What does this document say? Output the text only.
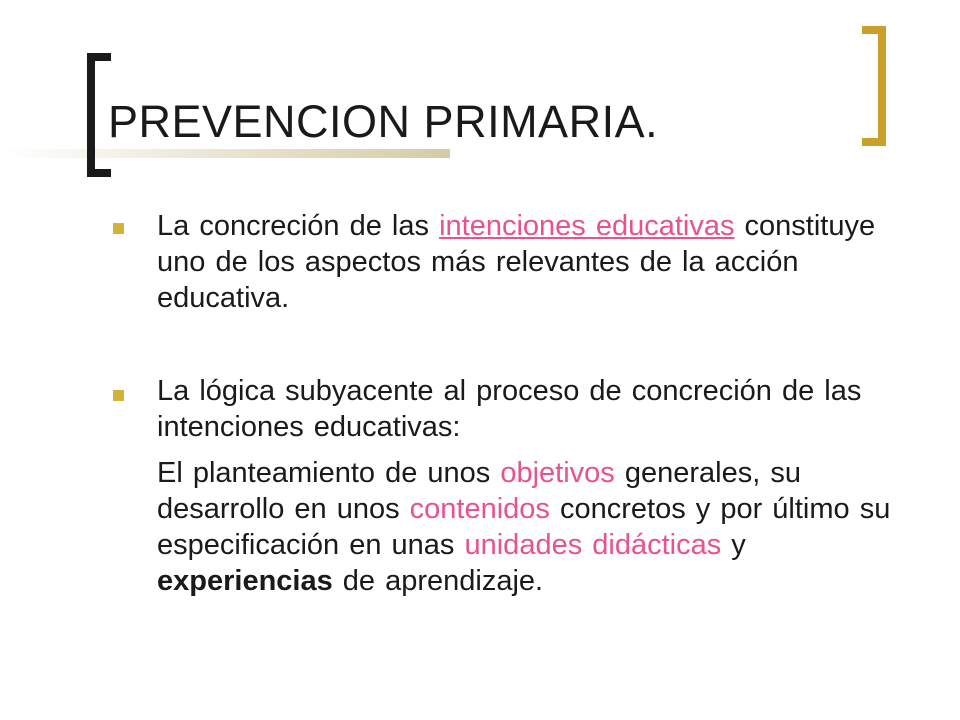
PREVENCION PRIMARIA.

La concreción de las intenciones educativas constituye uno de los aspectos más relevantes de la acción educativa.

La lógica subyacente al proceso de concreción de las intenciones educativas:

El planteamiento de unos objetivos generales, su desarrollo en unos contenidos concretos y por último su especificación en unas unidades didácticas y experiencias de aprendizaje.
